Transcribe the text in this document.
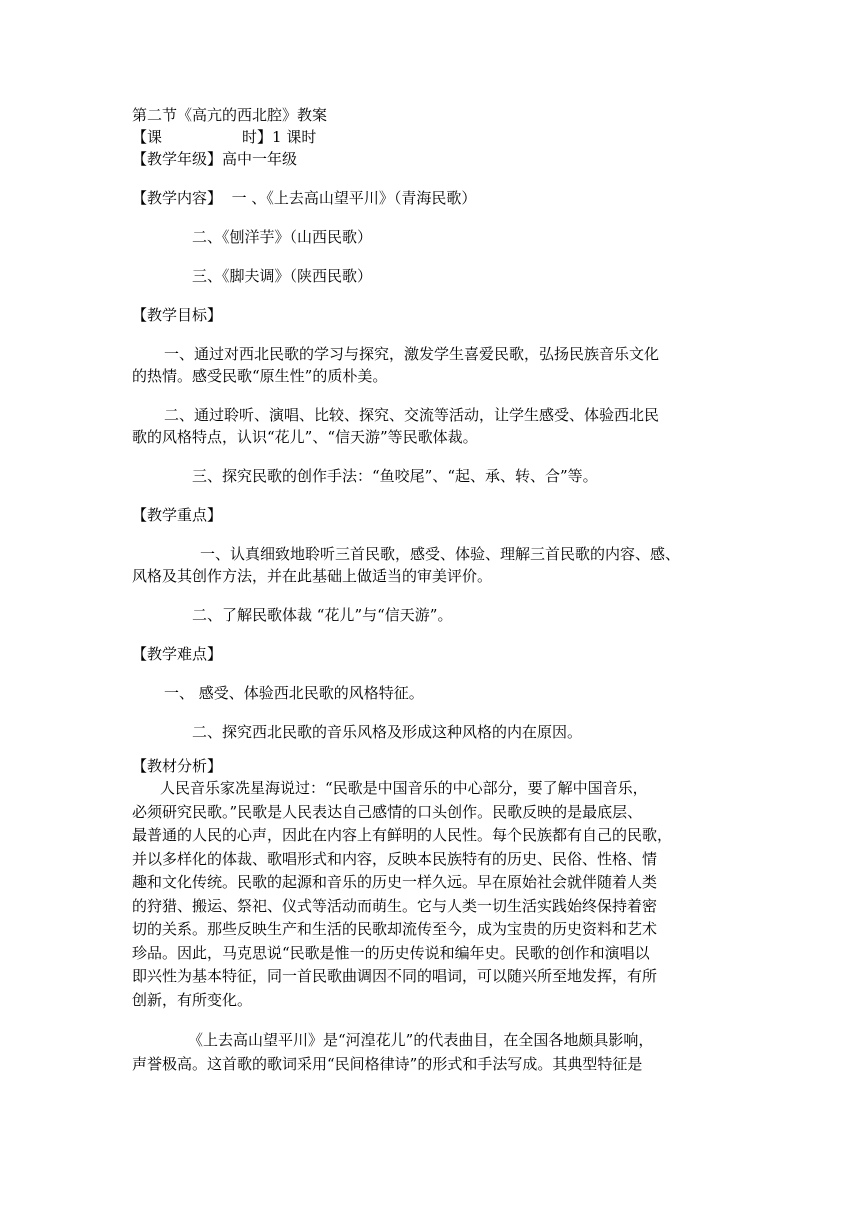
第二节《高亢的西北腔》教案
【课	时】1 课时
【教学年级】高中一年级
【教学内容】 一 、《上去高山望平川》（青海民歌）
二、《刨洋芋》（山西民歌）
三、《脚夫调》（陕西民歌）
【教学目标】
一、通过对西北民歌的学习与探究，激发学生喜爱民歌，弘扬民族音乐文化
的热情。感受民歌“原生性”的质朴美。
二、通过聆听、演唱、比较、探究、交流等活动，让学生感受、体验西北民
歌的风格特点，认识“花儿”、“信天游”等民歌体裁。
三、探究民歌的创作手法：“鱼咬尾”、“起、承、转、合”等。
【教学重点】
一、认真细致地聆听三首民歌，感受、体验、理解三首民歌的内容、感、
风格及其创作方法，并在此基础上做适当的审美评价。
二、了解民歌体裁 “花儿”与“信天游”。
【教学难点】
一、 感受、体验西北民歌的风格特征。
二、探究西北民歌的音乐风格及形成这种风格的内在原因。
【教材分析】
人民音乐家冼星海说过：“民歌是中国音乐的中心部分，要了解中国音乐，
必须研究民歌。”民歌是人民表达自己感情的口头创作。民歌反映的是最底层、
最普通的人民的心声，因此在内容上有鲜明的人民性。每个民族都有自己的民歌，
并以多样化的体裁、歌唱形式和内容，反映本民族特有的历史、民俗、性格、情
趣和文化传统。民歌的起源和音乐的历史一样久远。早在原始社会就伴随着人类
的狩猎、搬运、祭祀、仪式等活动而萌生。它与人类一切生活实践始终保持着密
切的关系。那些反映生产和生活的民歌却流传至今，成为宝贵的历史资料和艺术
珍品。因此，马克思说“民歌是惟一的历史传说和编年史。民歌的创作和演唱以
即兴性为基本特征，同一首民歌曲调因不同的唱词，可以随兴所至地发挥，有所
创新，有所变化。
《上去高山望平川》是“河湟花儿”的代表曲目，在全国各地颇具影响，
声誉极高。这首歌的歌词采用“民间格律诗”的形式和手法写成。其典型特征是
